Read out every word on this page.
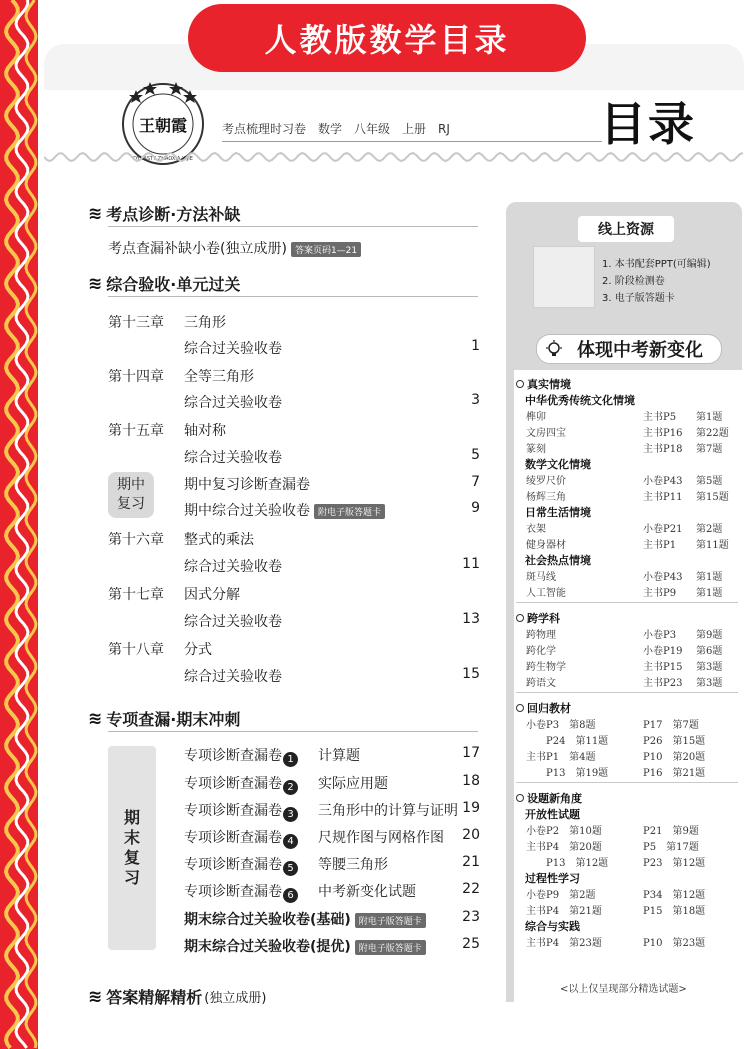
人教版数学目录
王朝霞
DYNASTY ZHAOXIA XIJIE
考点梳理时习卷　数学　八年级　上册　RJ	目录
≋ 考点诊断·方法补缺
考点查漏补缺小卷(独立成册) 答案页码1—21
≋ 综合验收·单元过关
第十三章 三角形
综合过关验收卷	1
第十四章 全等三角形
综合过关验收卷	3
第十五章 轴对称
综合过关验收卷	5
期中
复习
期中复习诊断查漏卷	7
期中综合过关验收卷 附电子版答题卡	9
第十六章 整式的乘法
综合过关验收卷	11
第十七章 因式分解
综合过关验收卷	13
第十八章 分式
综合过关验收卷	15
≋ 专项查漏·期末冲刺
期
末
复
习
专项诊断查漏卷 1	计算题	17
专项诊断查漏卷 2	实际应用题	18
专项诊断查漏卷 3	三角形中的计算与证明 19
专项诊断查漏卷 4	尺规作图与网格作图	20
专项诊断查漏卷 5	等腰三角形	21
专项诊断查漏卷 6	中考新变化试题	22
期末综合过关验收卷(基础) 附电子版答题卡	23
期末综合过关验收卷(提优) 附电子版答题卡	25
≋ 答案精解精析 (独立成册)
线上资源
1. 本书配套PPT(可编辑)
2. 阶段检测卷
3. 电子版答题卡
体现中考新变化
真实情境
中华优秀传统文化情境
榫卯	主书P5 第1题
文房四宝	主书P16 第22题
篆刻	主书P18 第7题
数学文化情境
绫罗尺价	小卷P43 第5题
杨辉三角	主书P11 第15题
日常生活情境
衣架	小卷P21 第2题
健身器材	主书P1 第11题
社会热点情境
斑马线	小卷P43 第1题
人工智能	主书P9 第1题
跨学科
跨物理	小卷P3 第9题
跨化学	小卷P19 第6题
跨生物学	主书P15 第3题
跨语文	主书P23 第3题
回归教材
小卷P3　第8题	P17　第7题
　　P24　第11题	P26　第15题
主书P1　第4题	P10　第20题
　　P13　第19题	P16　第21题
设题新角度
开放性试题
小卷P2　第10题	P21　第9题
主书P4　第20题	P5　第17题
　　P13　第12题	P23　第12题
过程性学习
小卷P9　第2题	P34　第12题
主书P4　第21题	P15　第18题
综合与实践
主书P4　第23题	P10　第23题
<以上仅呈现部分精选试题>
